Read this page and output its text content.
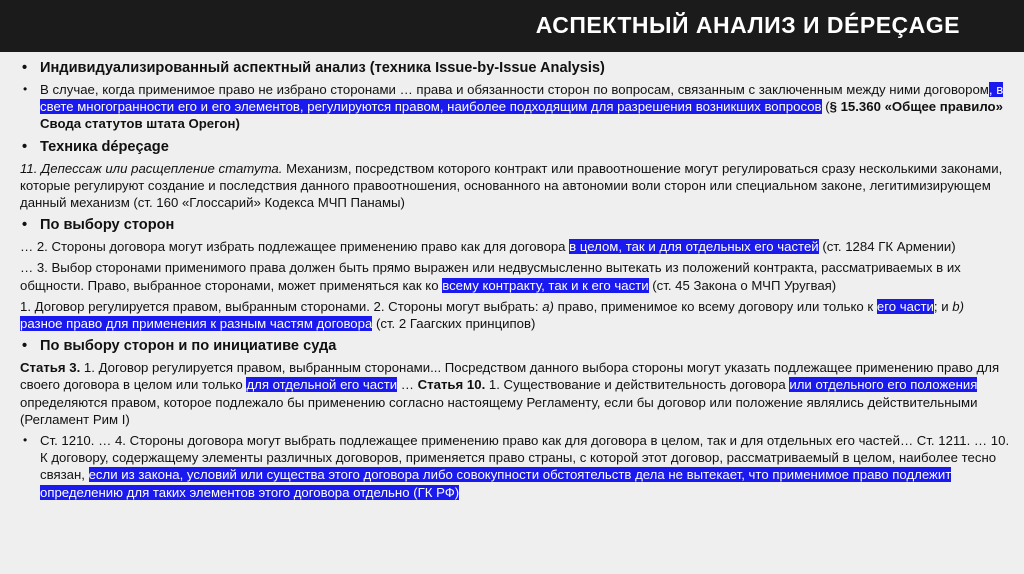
АСПЕКТНЫЙ АНАЛИЗ И DÉPEÇAGE
• Индивидуализированный аспектный анализ (техника Issue-by-Issue Analysis)
• В случае, когда применимое право не избрано сторонами … права и обязанности сторон по вопросам, связанным с заключенным между ними договором, в свете многогранности его и его элементов, регулируются правом, наиболее подходящим для разрешения возникших вопросов (§ 15.360 «Общее правило» Свода статутов штата Орегон)
• Техника dépeçage
11. Депессаж или расщепление статута. Механизм, посредством которого контракт или правоотношение могут регулироваться сразу несколькими законами, которые регулируют создание и последствия данного правоотношения, основанного на автономии воли сторон или специальном законе, легитимизирующем данный механизм (ст. 160 «Глоссарий» Кодекса МЧП Панамы)
• По выбору сторон
… 2. Стороны договора могут избрать подлежащее применению право как для договора в целом, так и для отдельных его частей (ст. 1284 ГК Армении)
… 3. Выбор сторонами применимого права должен быть прямо выражен или недвусмысленно вытекать из положений контракта, рассматриваемых в их общности. Право, выбранное сторонами, может применяться как ко всему контракту, так и к его части (ст. 45 Закона о МЧП Уругвая)
1. Договор регулируется правом, выбранным сторонами. 2. Стороны могут выбрать: a) право, применимое ко всему договору или только к его части; и b) разное право для применения к разным частям договора (ст. 2 Гаагских принципов)
• По выбору сторон и по инициативе суда
Статья 3. 1. Договор регулируется правом, выбранным сторонами... Посредством данного выбора стороны могут указать подлежащее применению право для своего договора в целом или только для отдельной его части … Статья 10. 1. Существование и действительность договора или отдельного его положения определяются правом, которое подлежало бы применению согласно настоящему Регламенту, если бы договор или положение являлись действительными (Регламент Рим I)
• Ст. 1210. … 4. Стороны договора могут выбрать подлежащее применению право как для договора в целом, так и для отдельных его частей… Ст. 1211. … 10. К договору, содержащему элементы различных договоров, применяется право страны, с которой этот договор, рассматриваемый в целом, наиболее тесно связан, если из закона, условий или существа этого договора либо совокупности обстоятельств дела не вытекает, что применимое право подлежит определению для таких элементов этого договора отдельно (ГК РФ)
